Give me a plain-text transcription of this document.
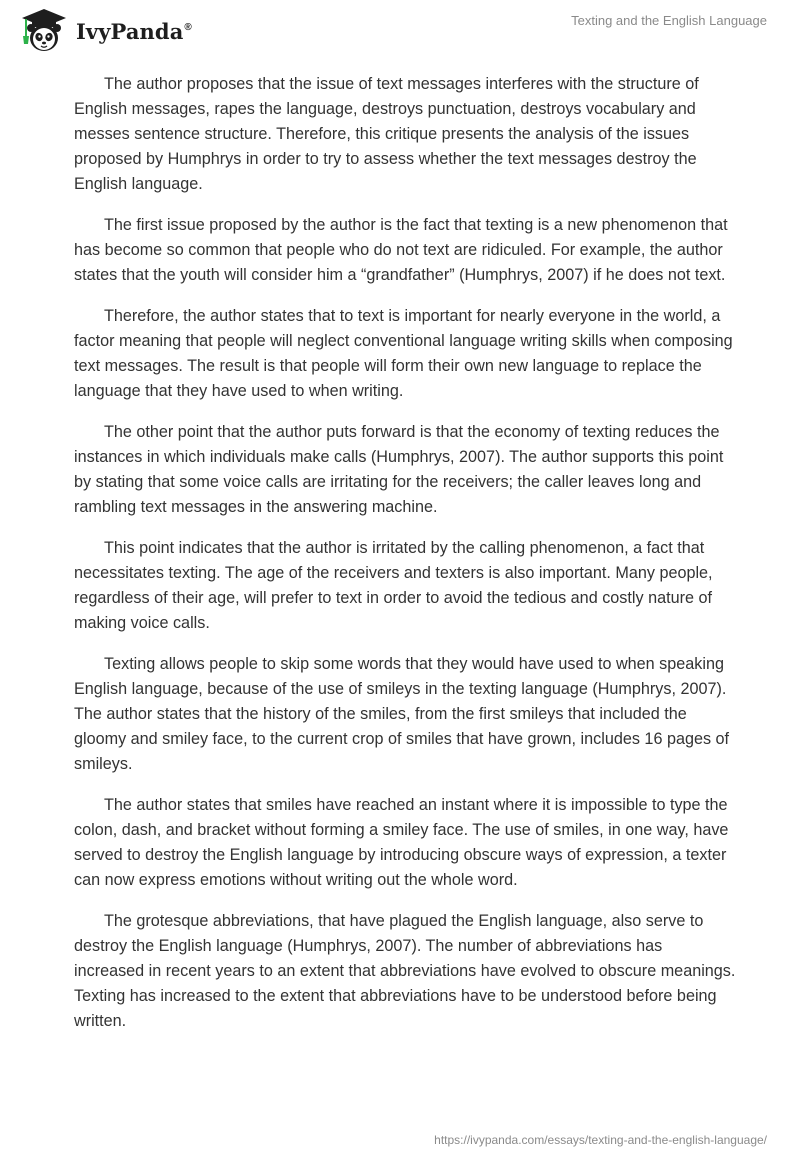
IvyPanda®	Texting and the English Language

The author proposes that the issue of text messages interferes with the structure of English messages, rapes the language, destroys punctuation, destroys vocabulary and messes sentence structure. Therefore, this critique presents the analysis of the issues proposed by Humphrys in order to try to assess whether the text messages destroy the English language.

The first issue proposed by the author is the fact that texting is a new phenomenon that has become so common that people who do not text are ridiculed. For example, the author states that the youth will consider him a “grandfather” (Humphrys, 2007) if he does not text.

Therefore, the author states that to text is important for nearly everyone in the world, a factor meaning that people will neglect conventional language writing skills when composing text messages. The result is that people will form their own new language to replace the language that they have used to when writing.

The other point that the author puts forward is that the economy of texting reduces the instances in which individuals make calls (Humphrys, 2007). The author supports this point by stating that some voice calls are irritating for the receivers; the caller leaves long and rambling text messages in the answering machine.

This point indicates that the author is irritated by the calling phenomenon, a fact that necessitates texting. The age of the receivers and texters is also important. Many people, regardless of their age, will prefer to text in order to avoid the tedious and costly nature of making voice calls.

Texting allows people to skip some words that they would have used to when speaking English language, because of the use of smileys in the texting language (Humphrys, 2007). The author states that the history of the smiles, from the first smileys that included the gloomy and smiley face, to the current crop of smiles that have grown, includes 16 pages of smileys.

The author states that smiles have reached an instant where it is impossible to type the colon, dash, and bracket without forming a smiley face. The use of smiles, in one way, have served to destroy the English language by introducing obscure ways of expression, a texter can now express emotions without writing out the whole word.

The grotesque abbreviations, that have plagued the English language, also serve to destroy the English language (Humphrys, 2007). The number of abbreviations has increased in recent years to an extent that abbreviations have evolved to obscure meanings. Texting has increased to the extent that abbreviations have to be understood before being written.

https://ivypanda.com/essays/texting-and-the-english-language/
